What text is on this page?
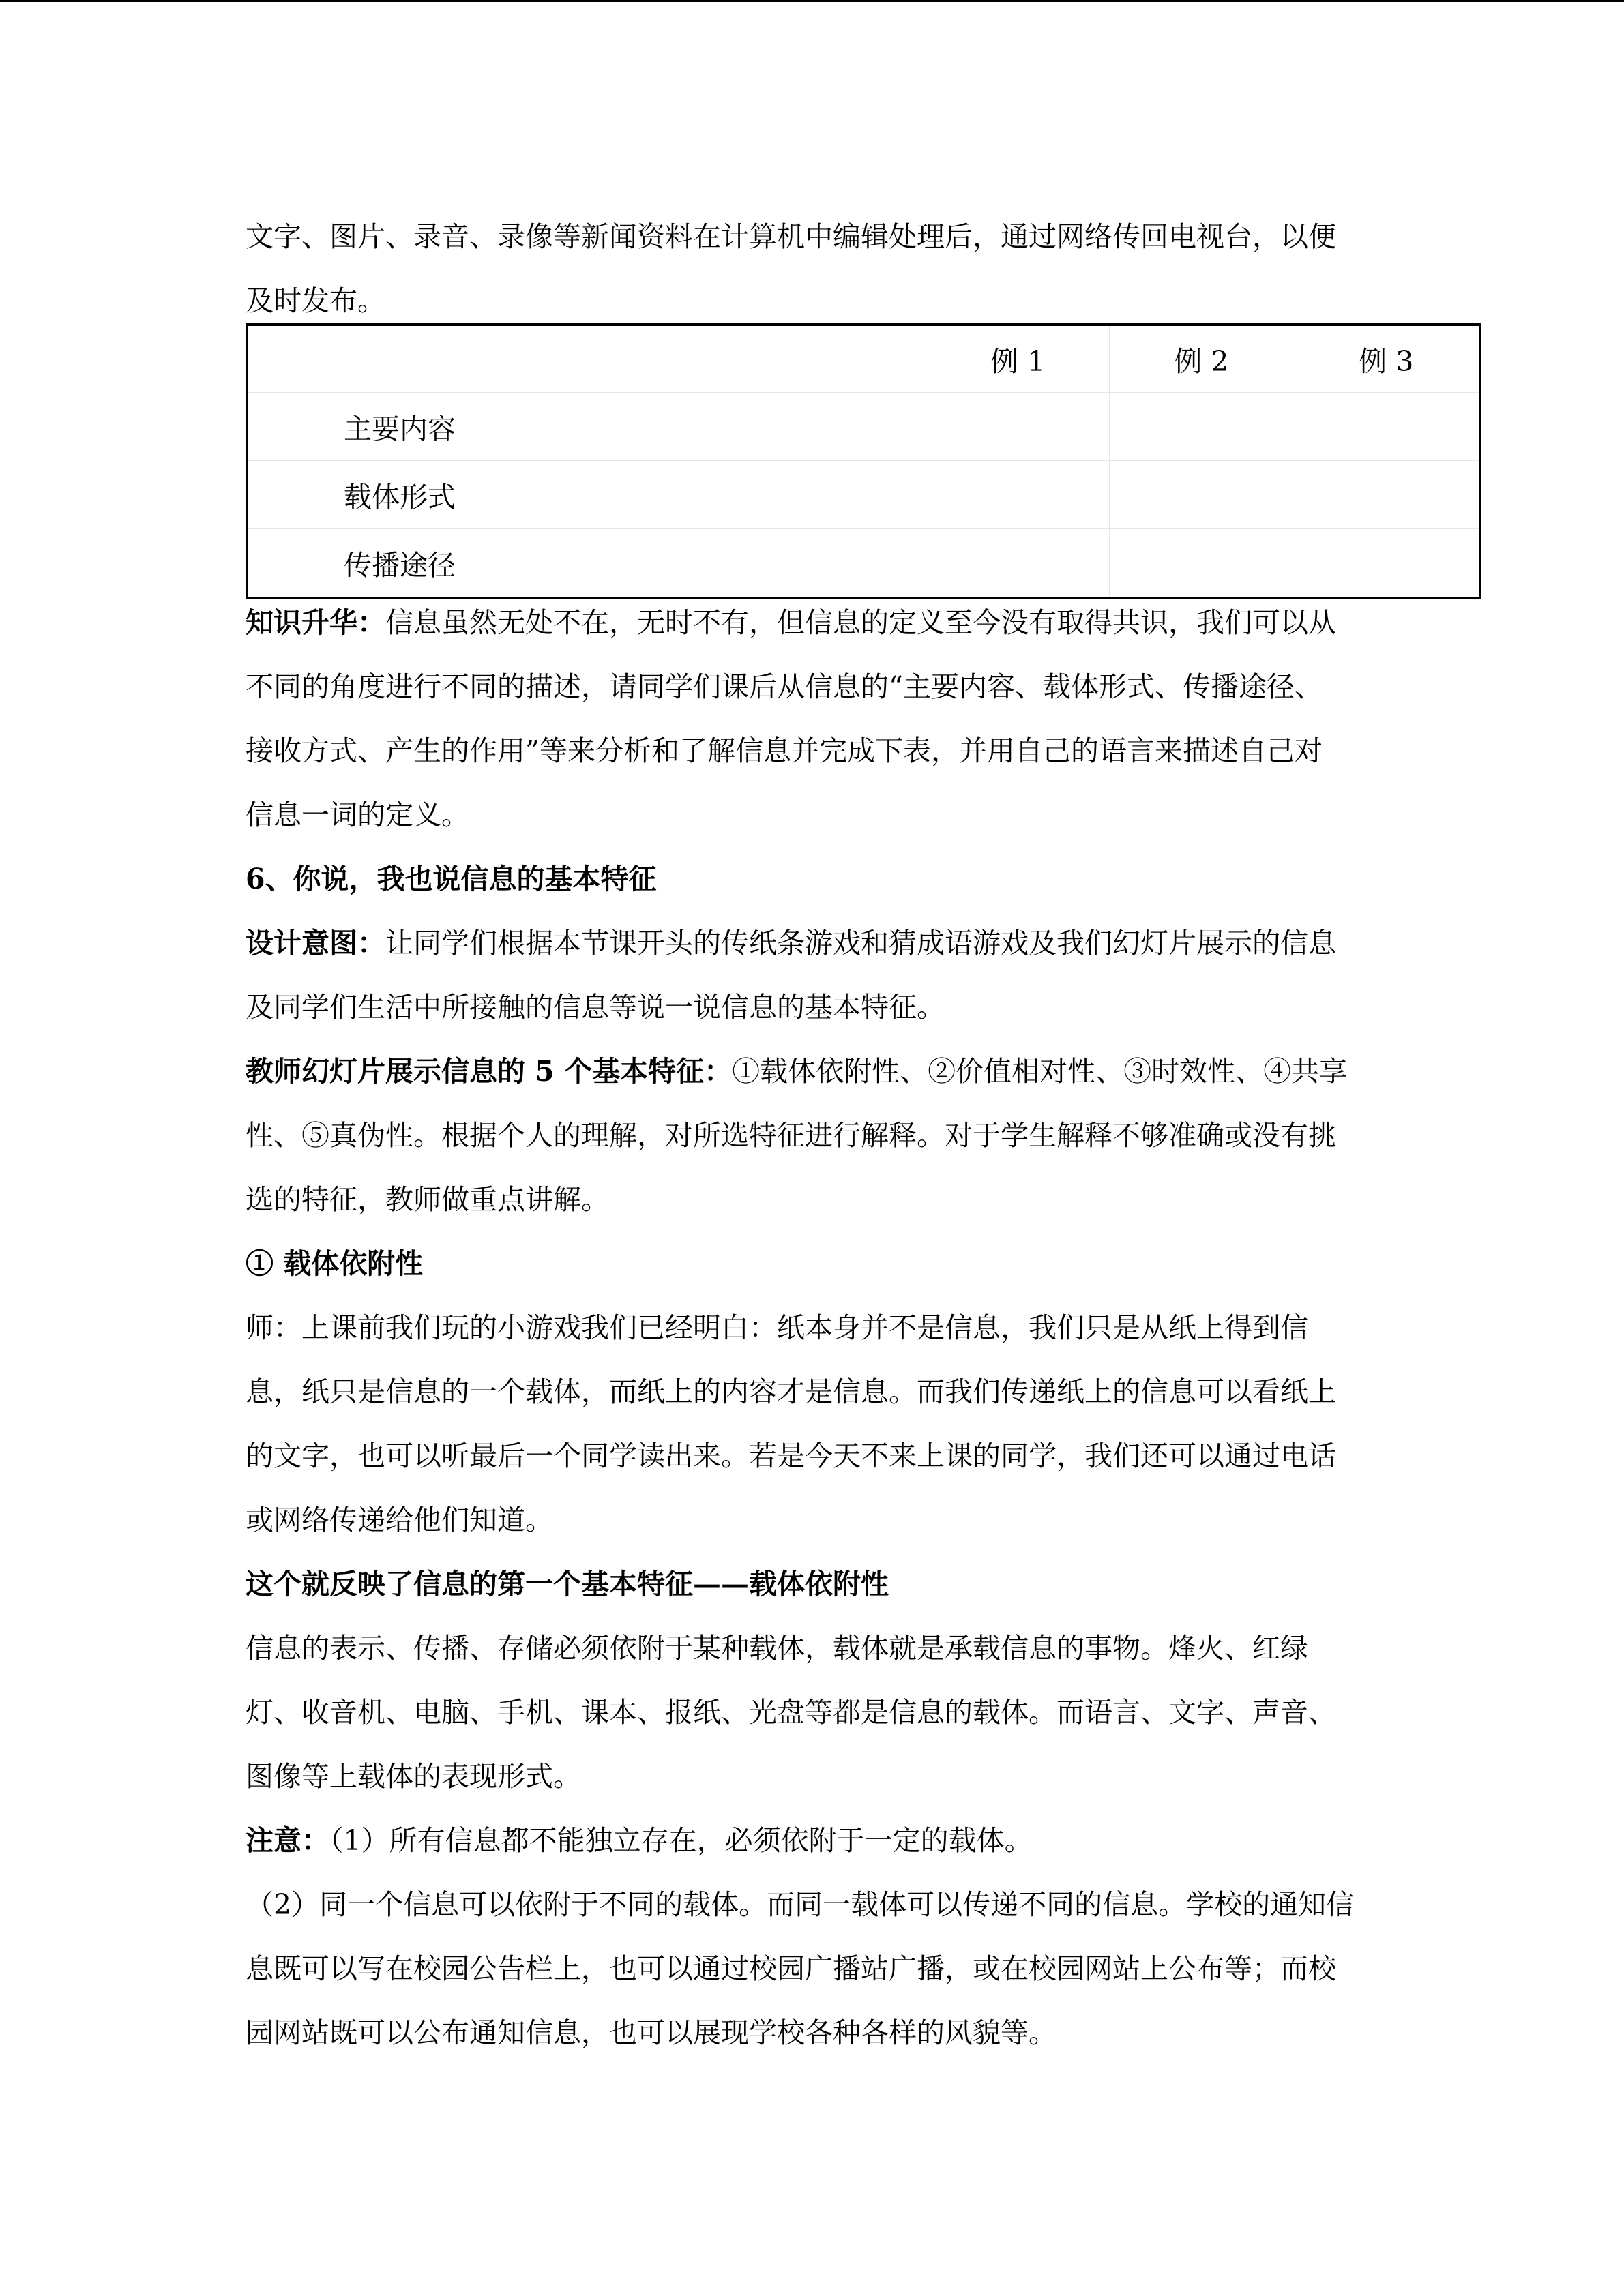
文字、图片、录音、录像等新闻资料在计算机中编辑处理后，通过网络传回电视台，以便

及时发布。

	例 1	例 2	例 3
主要内容			
载体形式			
传播途径			

知识升华：信息虽然无处不在，无时不有，但信息的定义至今没有取得共识，我们可以从

不同的角度进行不同的描述，请同学们课后从信息的“主要内容、载体形式、传播途径、

接收方式、产生的作用”等来分析和了解信息并完成下表，并用自己的语言来描述自己对

信息一词的定义。

6、你说，我也说信息的基本特征

设计意图：让同学们根据本节课开头的传纸条游戏和猜成语游戏及我们幻灯片展示的信息

及同学们生活中所接触的信息等说一说信息的基本特征。

教师幻灯片展示信息的 5 个基本特征：①载体依附性、②价值相对性、③时效性、④共享

性、⑤真伪性。根据个人的理解，对所选特征进行解释。对于学生解释不够准确或没有挑

选的特征，教师做重点讲解。

① 载体依附性

师：上课前我们玩的小游戏我们已经明白：纸本身并不是信息，我们只是从纸上得到信

息，纸只是信息的一个载体，而纸上的内容才是信息。而我们传递纸上的信息可以看纸上

的文字，也可以听最后一个同学读出来。若是今天不来上课的同学，我们还可以通过电话

或网络传递给他们知道。

这个就反映了信息的第一个基本特征——载体依附性

信息的表示、传播、存储必须依附于某种载体，载体就是承载信息的事物。烽火、红绿

灯、收音机、电脑、手机、课本、报纸、光盘等都是信息的载体。而语言、文字、声音、

图像等上载体的表现形式。

注意：（1）所有信息都不能独立存在，必须依附于一定的载体。

（2）同一个信息可以依附于不同的载体。而同一载体可以传递不同的信息。学校的通知信

息既可以写在校园公告栏上，也可以通过校园广播站广播，或在校园网站上公布等；而校

园网站既可以公布通知信息，也可以展现学校各种各样的风貌等。
